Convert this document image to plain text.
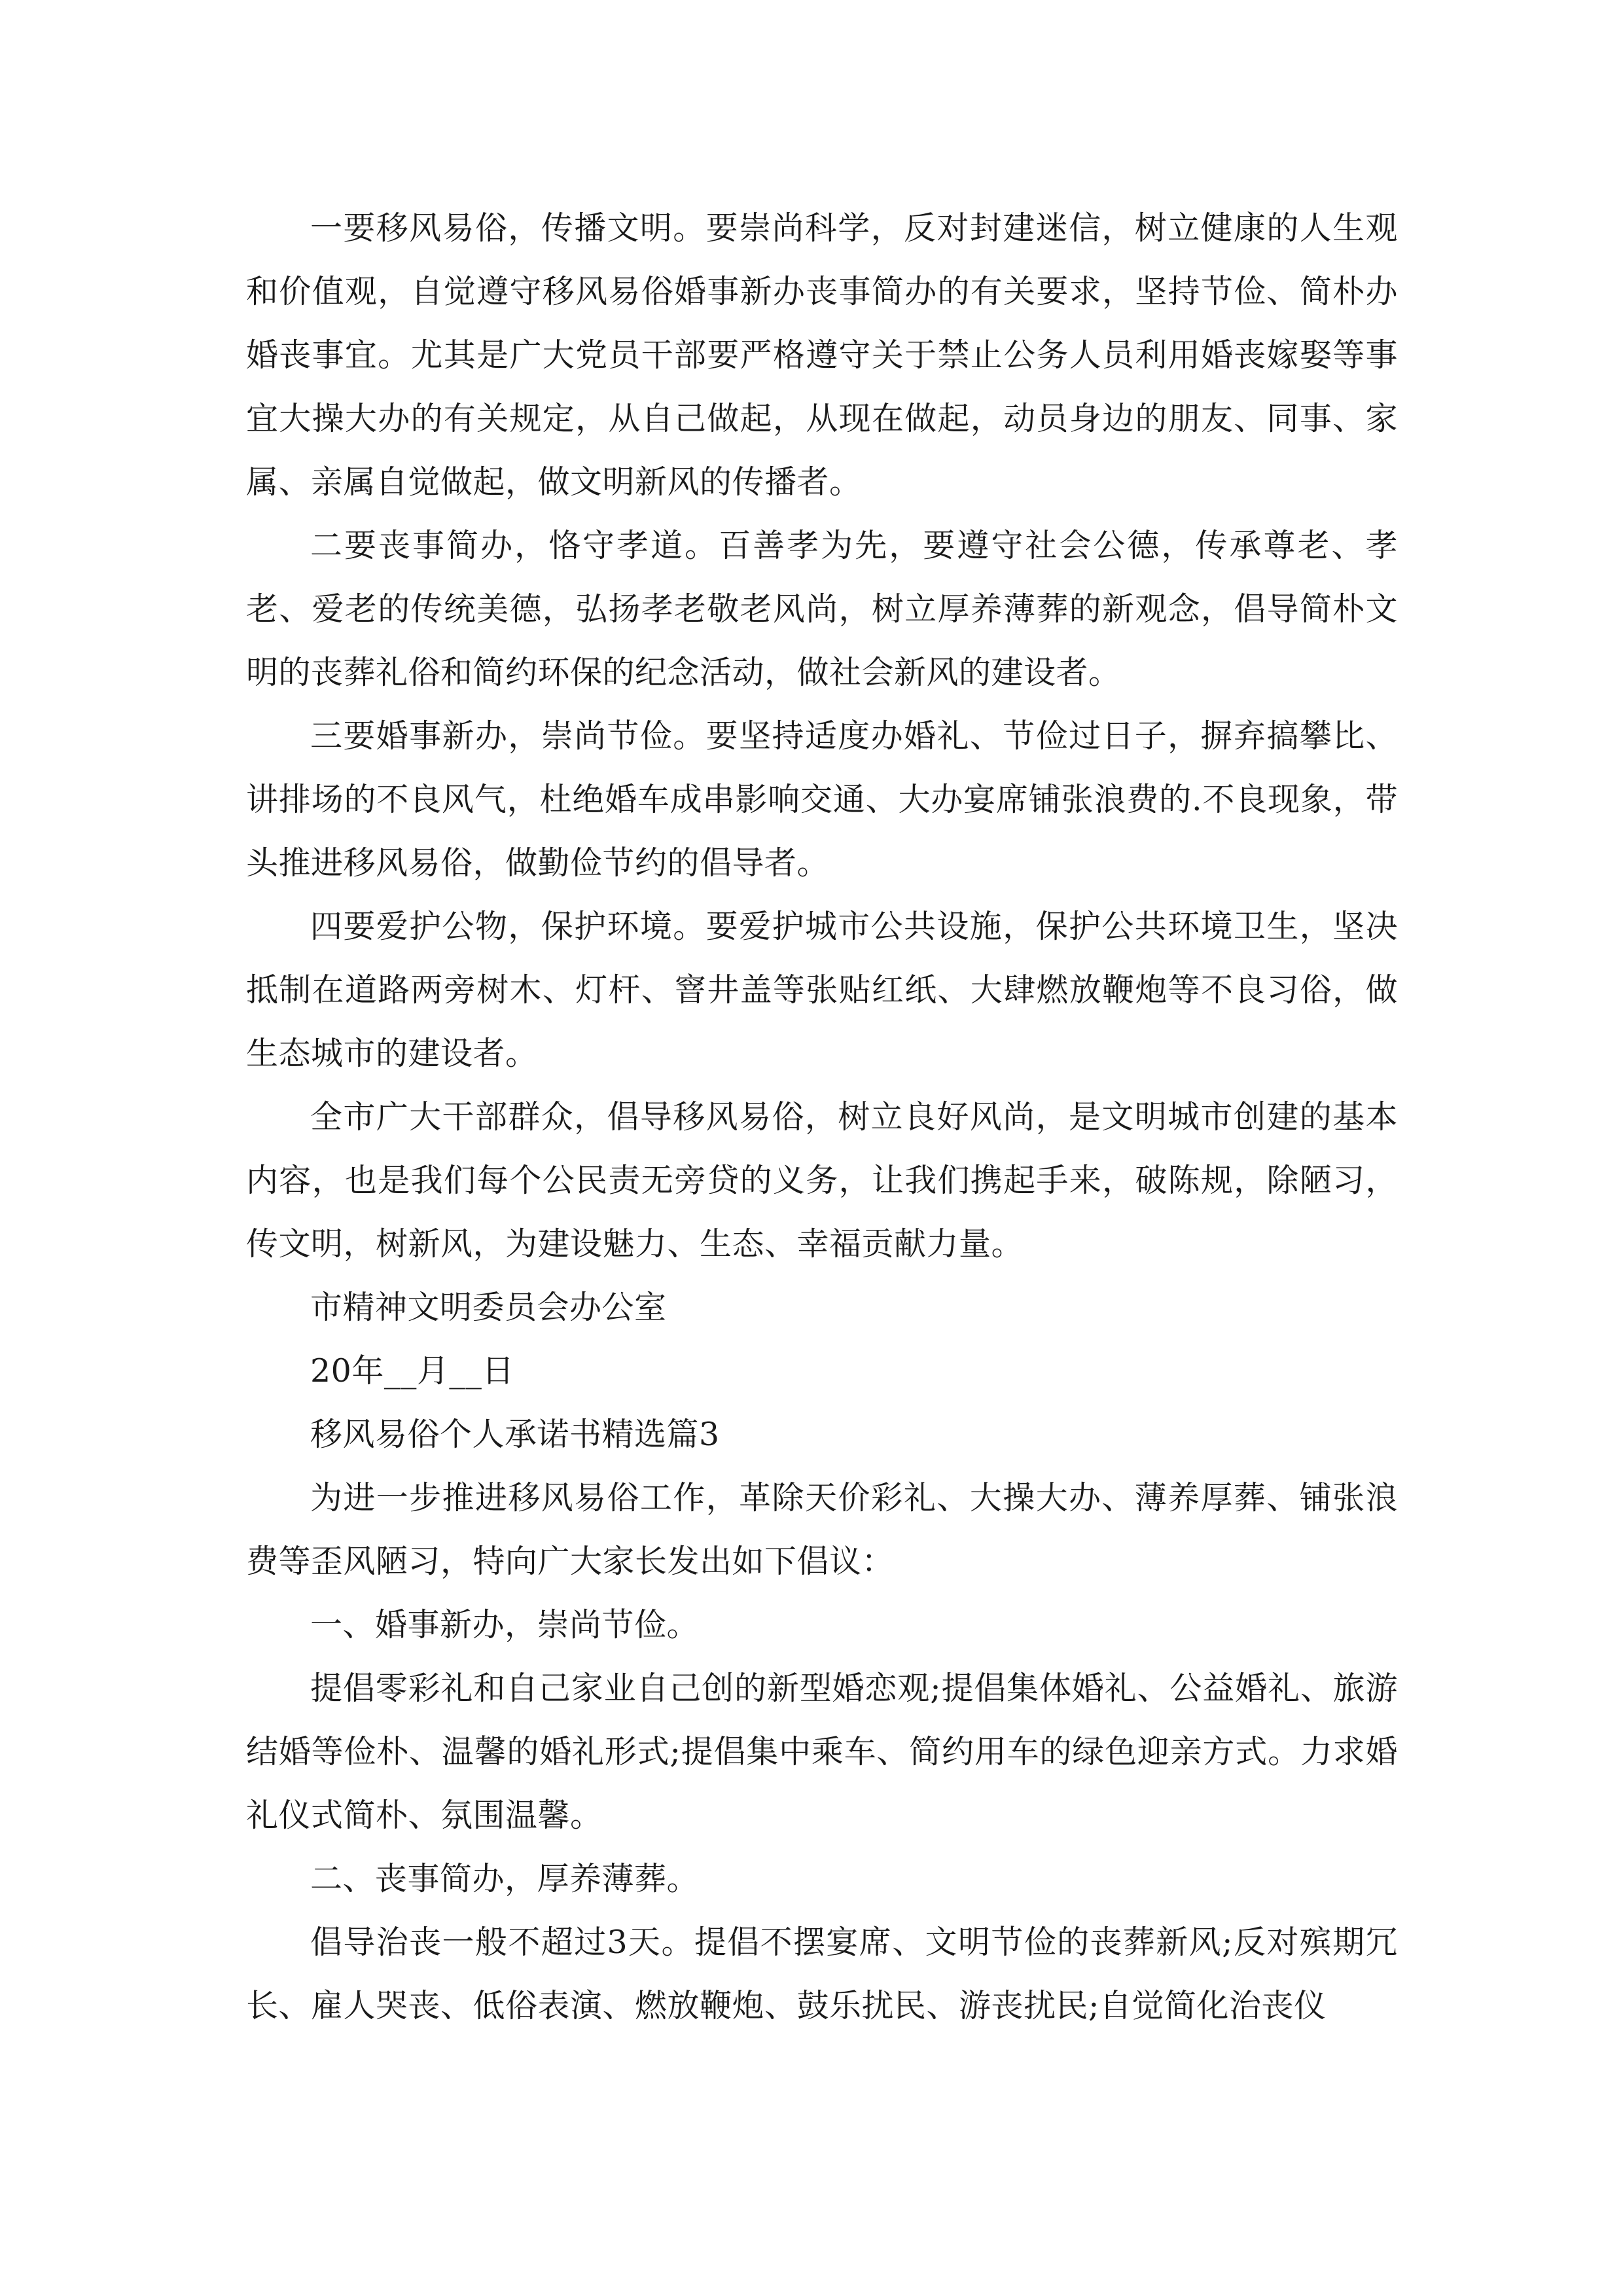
一要移风易俗，传播文明。要崇尚科学，反对封建迷信，树立健康的人生观和价值观，自觉遵守移风易俗婚事新办丧事简办的有关要求，坚持节俭、简朴办婚丧事宜。尤其是广大党员干部要严格遵守关于禁止公务人员利用婚丧嫁娶等事宜大操大办的有关规定，从自己做起，从现在做起，动员身边的朋友、同事、家属、亲属自觉做起，做文明新风的传播者。

二要丧事简办，恪守孝道。百善孝为先，要遵守社会公德，传承尊老、孝老、爱老的传统美德，弘扬孝老敬老风尚，树立厚养薄葬的新观念，倡导简朴文明的丧葬礼俗和简约环保的纪念活动，做社会新风的建设者。

三要婚事新办，崇尚节俭。要坚持适度办婚礼、节俭过日子，摒弃搞攀比、讲排场的不良风气，杜绝婚车成串影响交通、大办宴席铺张浪费的.不良现象，带头推进移风易俗，做勤俭节约的倡导者。

四要爱护公物，保护环境。要爱护城市公共设施，保护公共环境卫生，坚决抵制在道路两旁树木、灯杆、窨井盖等张贴红纸、大肆燃放鞭炮等不良习俗，做生态城市的建设者。

全市广大干部群众，倡导移风易俗，树立良好风尚，是文明城市创建的基本内容，也是我们每个公民责无旁贷的义务，让我们携起手来，破陈规，除陋习，传文明，树新风，为建设魅力、生态、幸福贡献力量。

市精神文明委员会办公室

20年__月__日

移风易俗个人承诺书精选篇3

为进一步推进移风易俗工作，革除天价彩礼、大操大办、薄养厚葬、铺张浪费等歪风陋习，特向广大家长发出如下倡议：

一、婚事新办，崇尚节俭。

提倡零彩礼和自己家业自己创的新型婚恋观;提倡集体婚礼、公益婚礼、旅游结婚等俭朴、温馨的婚礼形式;提倡集中乘车、简约用车的绿色迎亲方式。力求婚礼仪式简朴、氛围温馨。

二、丧事简办，厚养薄葬。

倡导治丧一般不超过3天。提倡不摆宴席、文明节俭的丧葬新风;反对殡期冗长、雇人哭丧、低俗表演、燃放鞭炮、鼓乐扰民、游丧扰民;自觉简化治丧仪
